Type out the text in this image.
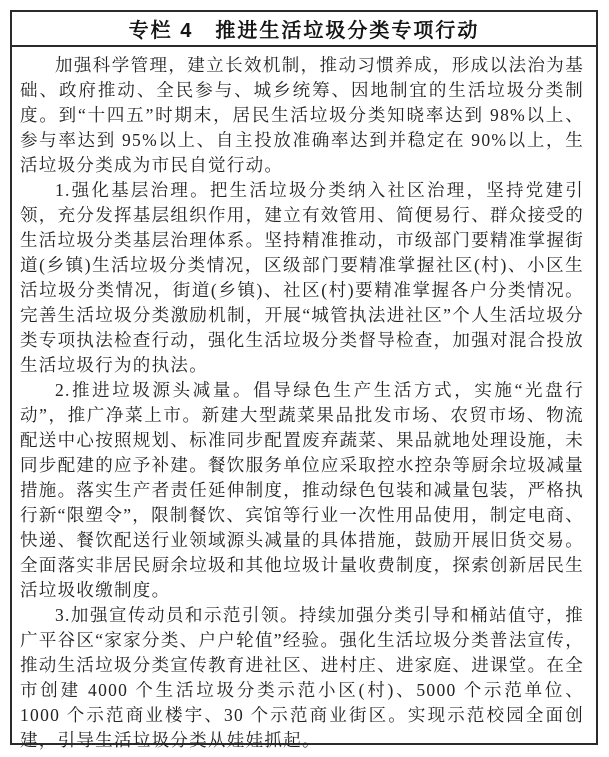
专栏 4　推进生活垃圾分类专项行动

加强科学管理，建立长效机制，推动习惯养成，形成以法治为基础、政府推动、全民参与、城乡统筹、因地制宜的生活垃圾分类制度。到“十四五”时期末，居民生活垃圾分类知晓率达到 98%以上、参与率达到 95%以上、自主投放准确率达到并稳定在 90%以上，生活垃圾分类成为市民自觉行动。

1.强化基层治理。把生活垃圾分类纳入社区治理，坚持党建引领，充分发挥基层组织作用，建立有效管用、简便易行、群众接受的生活垃圾分类基层治理体系。坚持精准推动，市级部门要精准掌握街道(乡镇)生活垃圾分类情况，区级部门要精准掌握社区(村)、小区生活垃圾分类情况，街道(乡镇)、社区(村)要精准掌握各户分类情况。完善生活垃圾分类激励机制，开展“城管执法进社区”个人生活垃圾分类专项执法检查行动，强化生活垃圾分类督导检查，加强对混合投放生活垃圾行为的执法。

2.推进垃圾源头减量。倡导绿色生产生活方式，实施“光盘行动”，推广净菜上市。新建大型蔬菜果品批发市场、农贸市场、物流配送中心按照规划、标准同步配置废弃蔬菜、果品就地处理设施，未同步配建的应予补建。餐饮服务单位应采取控水控杂等厨余垃圾减量措施。落实生产者责任延伸制度，推动绿色包装和减量包装，严格执行新“限塑令”，限制餐饮、宾馆等行业一次性用品使用，制定电商、快递、餐饮配送行业领域源头减量的具体措施，鼓励开展旧货交易。全面落实非居民厨余垃圾和其他垃圾计量收费制度，探索创新居民生活垃圾收缴制度。

3.加强宣传动员和示范引领。持续加强分类引导和桶站值守，推广平谷区“家家分类、户户轮值”经验。强化生活垃圾分类普法宣传，推动生活垃圾分类宣传教育进社区、进村庄、进家庭、进课堂。在全市创建 4000 个生活垃圾分类示范小区(村)、5000 个示范单位、1000 个示范商业楼宇、30 个示范商业街区。实现示范校园全面创建，引导生活垃圾分类从娃娃抓起。
